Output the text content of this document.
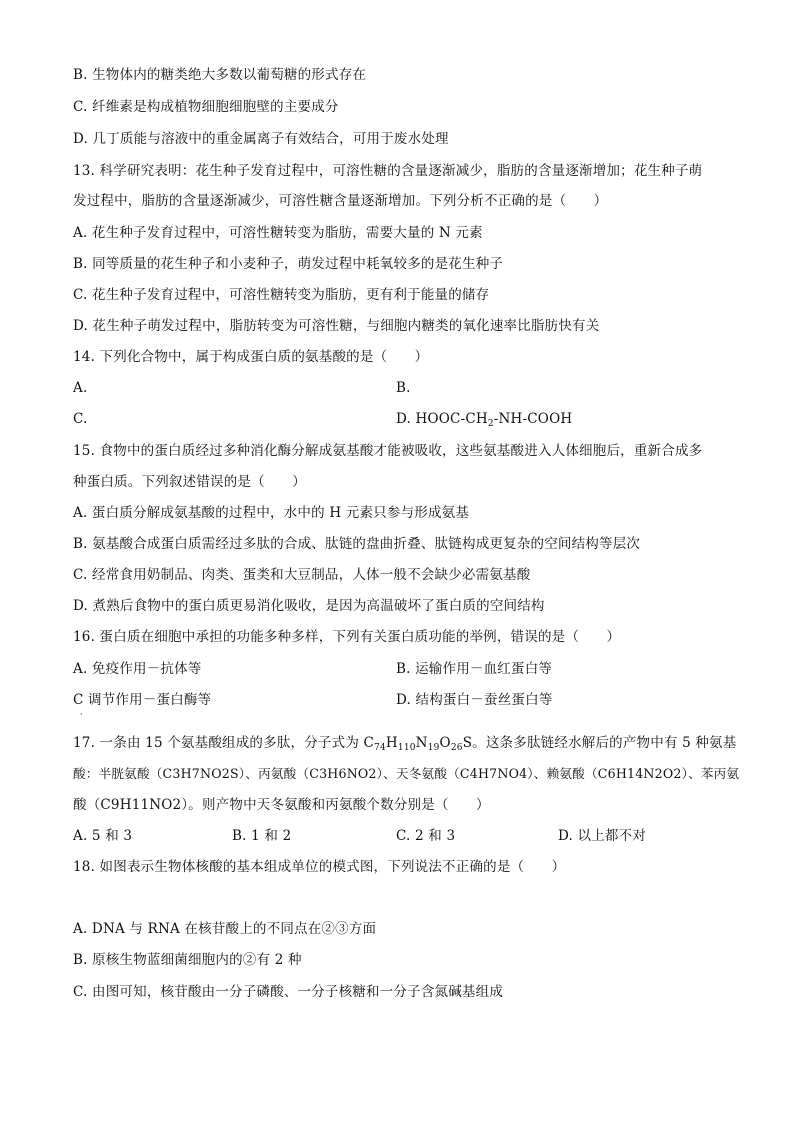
B. 生物体内的糖类绝大多数以葡萄糖的形式存在
C. 纤维素是构成植物细胞细胞壁的主要成分
D. 几丁质能与溶液中的重金属离子有效结合，可用于废水处理
13. 科学研究表明：花生种子发育过程中，可溶性糖的含量逐渐减少，脂肪的含量逐渐增加；花生种子萌
发过程中，脂肪的含量逐渐减少，可溶性糖含量逐渐增加。下列分析不正确的是（　　）
A. 花生种子发育过程中，可溶性糖转变为脂肪，需要大量的 N 元素
B. 同等质量的花生种子和小麦种子，萌发过程中耗氧较多的是花生种子
C. 花生种子发育过程中，可溶性糖转变为脂肪，更有利于能量的储存
D. 花生种子萌发过程中，脂肪转变为可溶性糖，与细胞内糖类的氧化速率比脂肪快有关
14. 下列化合物中，属于构成蛋白质的氨基酸的是（　　）
A.	B.
C.	D. HOOC-$CH_2-NH$-COOH
15. 食物中的蛋白质经过多种消化酶分解成氨基酸才能被吸收，这些氨基酸进入人体细胞后，重新合成多
种蛋白质。下列叙述错误的是（　　）
A. 蛋白质分解成氨基酸的过程中，水中的 H 元素只参与形成氨基
B. 氨基酸合成蛋白质需经过多肽的合成、肽链的盘曲折叠、肽链构成更复杂的空间结构等层次
C. 经常食用奶制品、肉类、蛋类和大豆制品，人体一般不会缺少必需氨基酸
D. 煮熟后食物中的蛋白质更易消化吸收，是因为高温破坏了蛋白质的空间结构
16. 蛋白质在细胞中承担的功能多种多样，下列有关蛋白质功能的举例，错误的是（　　）
A. 免疫作用－抗体等	B. 运输作用－血红蛋白等
C 调节作用－蛋白酶等	D. 结构蛋白－蚕丝蛋白等
·
17. 一条由 15 个氨基酸组成的多肽，分子式为 $C_{74}H_{110}N_{19}O_{26}S$。这条多肽链经水解后的产物中有 5 种氨基
酸：半胱氨酸（C3H7NO2S）、丙氨酸（C3H6NO2）、天冬氨酸（C4H7NO4）、赖氨酸（C6H14N2O2）、苯丙氨
酸（C9H11NO2）。则产物中天冬氨酸和丙氨酸个数分别是（　　）
A. 5 和 3	B. 1 和 2	C. 2 和 3	D. 以上都不对
18. 如图表示生物体核酸的基本组成单位的模式图，下列说法不正确的是（　　）
A. DNA 与 RNA 在核苷酸上的不同点在②③方面
B. 原核生物蓝细菌细胞内的②有 2 种
C. 由图可知，核苷酸由一分子磷酸、一分子核糖和一分子含氮碱基组成
